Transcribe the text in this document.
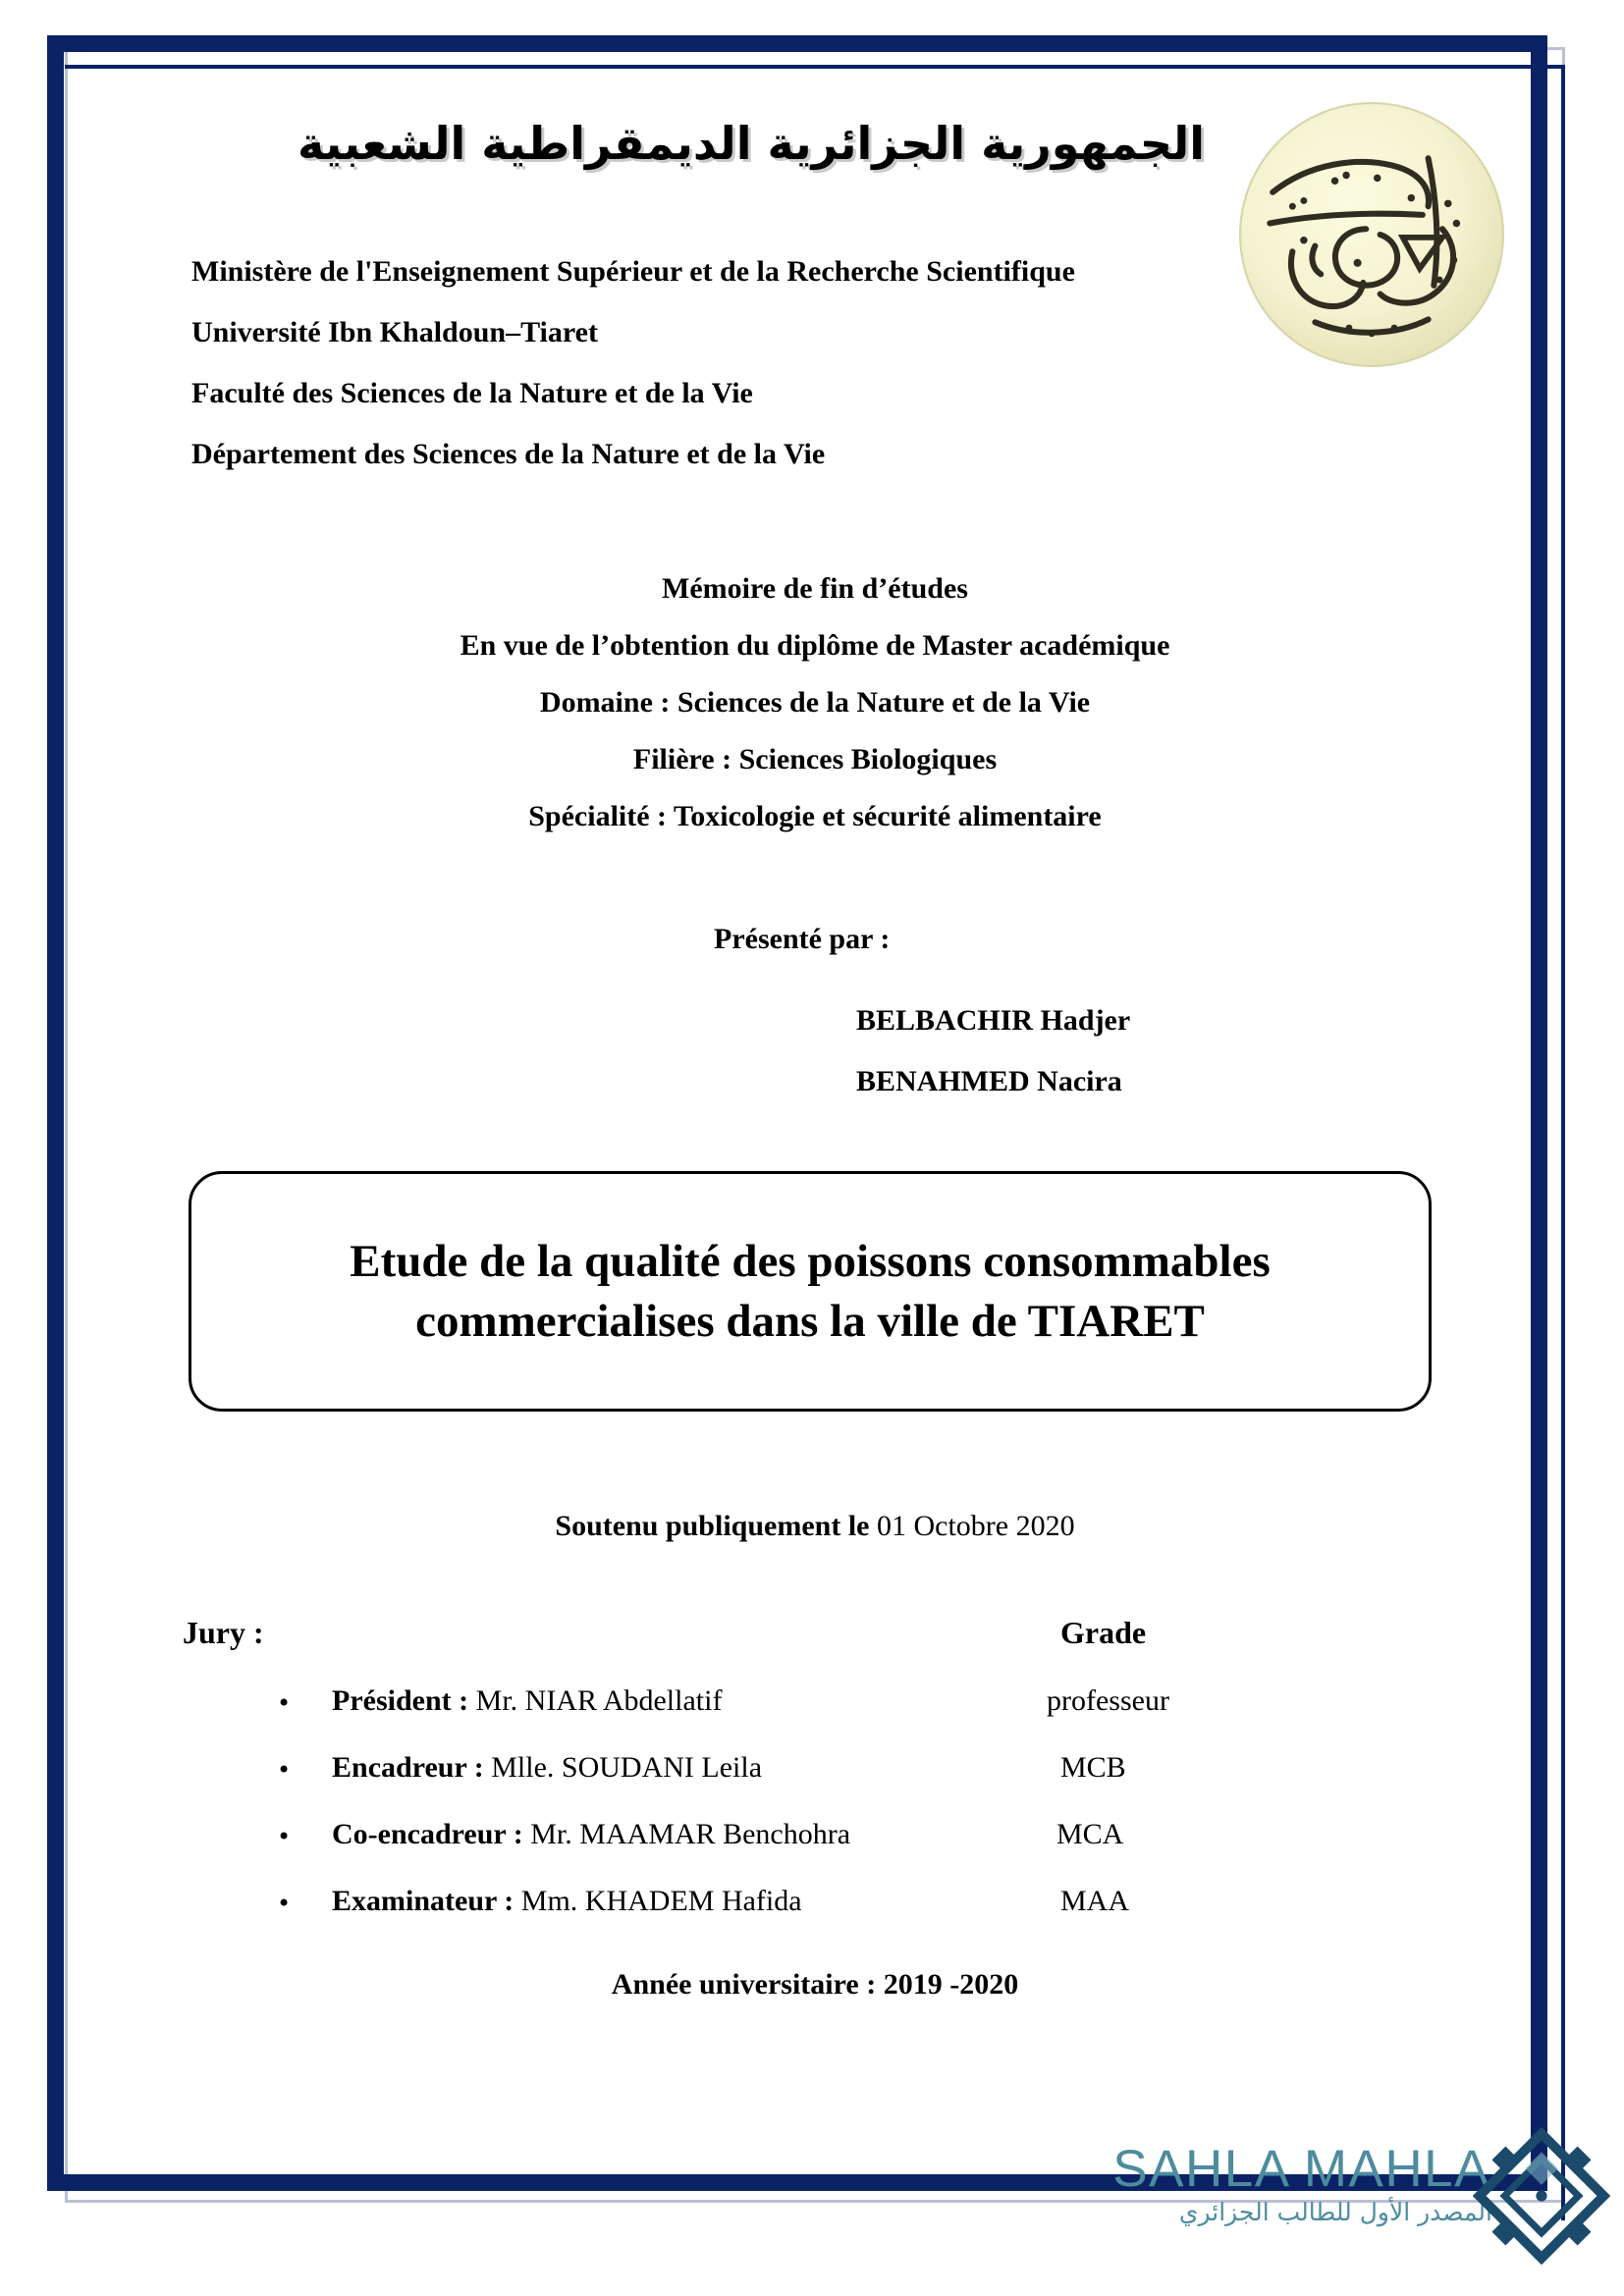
الجمهورية الجزائرية الديمقراطية الشعبية
Ministère de l'Enseignement Supérieur et de la Recherche Scientifique
Université Ibn Khaldoun–Tiaret
Faculté des Sciences de la Nature et de la Vie
Département des Sciences de la Nature et de la Vie
Mémoire de fin d’études
En vue de l’obtention du diplôme de Master académique
Domaine : Sciences de la Nature et de la Vie
Filière : Sciences Biologiques
Spécialité : Toxicologie et sécurité alimentaire
Présenté par :
BELBACHIR Hadjer
BENAHMED Nacira
Etude de la qualité des poissons consommables commercialises dans la ville de TIARET
Soutenu publiquement le 01 Octobre 2020
Jury :	Grade
• Président : Mr. NIAR Abdellatif	professeur
• Encadreur : Mlle. SOUDANI Leila	MCB
• Co-encadreur : Mr. MAAMAR Benchohra	MCA
• Examinateur : Mm. KHADEM Hafida	MAA
Année universitaire : 2019 -2020
SAHLA MAHLA
المصدر الأول للطالب الجزائري
